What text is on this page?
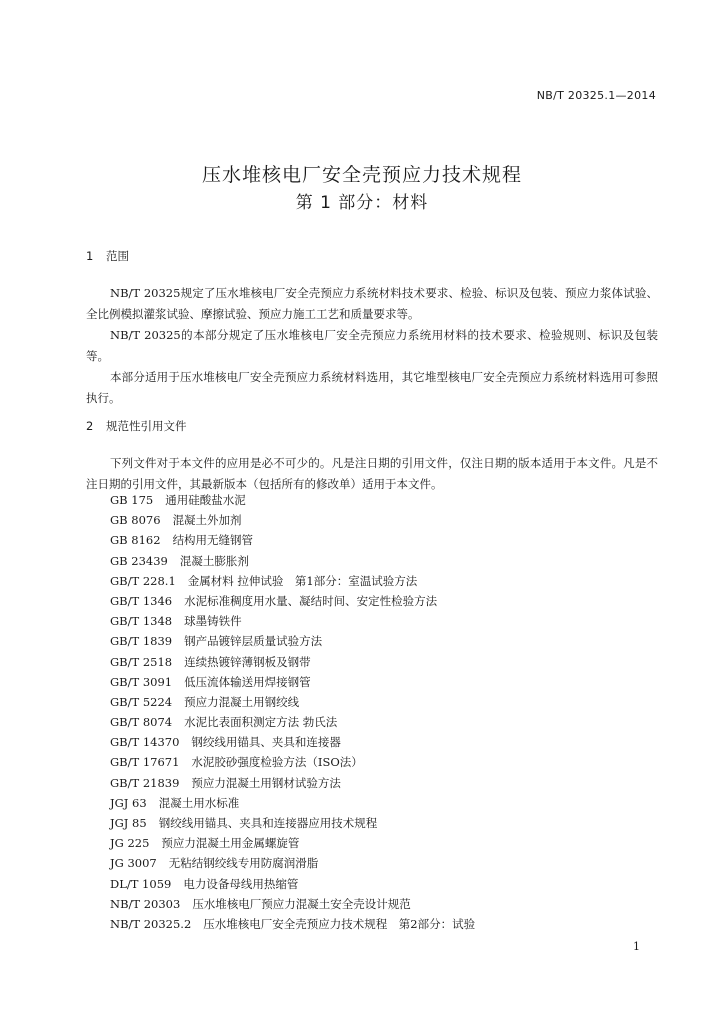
NB/T 20325.1—2014
压水堆核电厂安全壳预应力技术规程
第 1 部分：材料
1 范围

NB/T 20325规定了压水堆核电厂安全壳预应力系统材料技术要求、检验、标识及包装、预应力浆体试验、全比例模拟灌浆试验、摩擦试验、预应力施工工艺和质量要求等。

NB/T 20325的本部分规定了压水堆核电厂安全壳预应力系统用材料的技术要求、检验规则、标识及包装等。

本部分适用于压水堆核电厂安全壳预应力系统材料选用，其它堆型核电厂安全壳预应力系统材料选用可参照执行。

2 规范性引用文件

下列文件对于本文件的应用是必不可少的。凡是注日期的引用文件，仅注日期的版本适用于本文件。凡是不注日期的引用文件，其最新版本（包括所有的修改单）适用于本文件。

GB 175 通用硅酸盐水泥
GB 8076 混凝土外加剂
GB 8162 结构用无缝钢管
GB 23439 混凝土膨胀剂
GB/T 228.1 金属材料 拉伸试验　第1部分：室温试验方法
GB/T 1346 水泥标准稠度用水量、凝结时间、安定性检验方法
GB/T 1348 球墨铸铁件
GB/T 1839 钢产品镀锌层质量试验方法
GB/T 2518 连续热镀锌薄钢板及钢带
GB/T 3091 低压流体输送用焊接钢管
GB/T 5224 预应力混凝土用钢绞线
GB/T 8074 水泥比表面积测定方法 勃氏法
GB/T 14370 钢绞线用锚具、夹具和连接器
GB/T 17671 水泥胶砂强度检验方法（ISO法）
GB/T 21839 预应力混凝土用钢材试验方法
JGJ 63 混凝土用水标准
JGJ 85 钢绞线用锚具、夹具和连接器应用技术规程
JG 225 预应力混凝土用金属螺旋管
JG 3007 无粘结钢绞线专用防腐润滑脂
DL/T 1059 电力设备母线用热缩管
NB/T 20303 压水堆核电厂预应力混凝土安全壳设计规范
NB/T 20325.2 压水堆核电厂安全壳预应力技术规程　第2部分：试验
1
